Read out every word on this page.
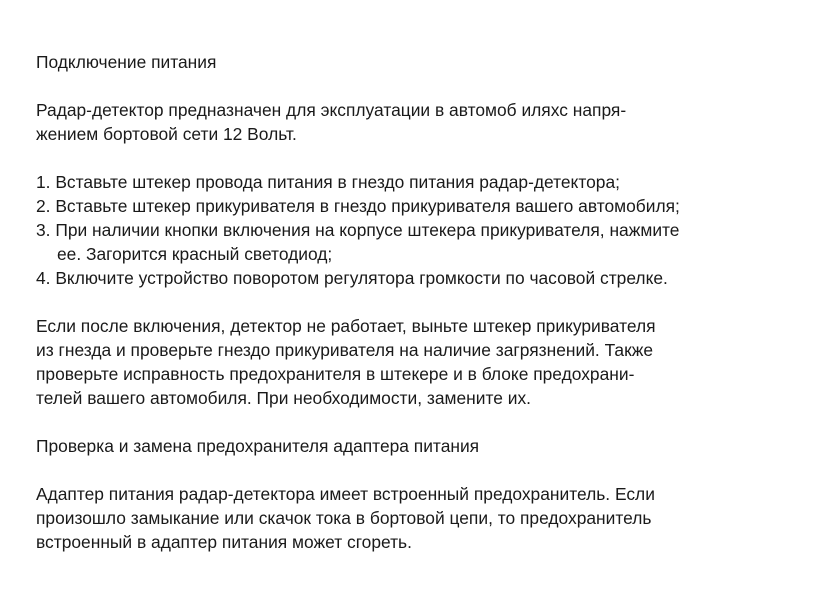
Подключение питания
Радар-детектор предназначен для эксплуатации в автомоб иляхс напря-
жением бортовой сети 12 Вольт.
1. Вставьте штекер провода питания в гнездо питания радар-детектора;
2. Вставьте штекер прикуривателя в гнездо прикуривателя вашего автомобиля;
3. При наличии кнопки включения на корпусе штекера прикуривателя, нажмите
ее. Загорится красный светодиод;
4. Включите устройство поворотом регулятора громкости по часовой стрелке.
Если после включения, детектор не работает, выньте штекер прикуривателя
из гнезда и проверьте гнездо прикуривателя на наличие загрязнений. Также
проверьте исправность предохранителя в штекере и в блоке предохрани-
телей вашего автомобиля. При необходимости, замените их.
Проверка и замена предохранителя адаптера питания
Адаптер питания радар-детектора имеет встроенный предохранитель. Если
произошло замыкание или скачок тока в бортовой цепи, то предохранитель
встроенный в адаптер питания может сгореть.
